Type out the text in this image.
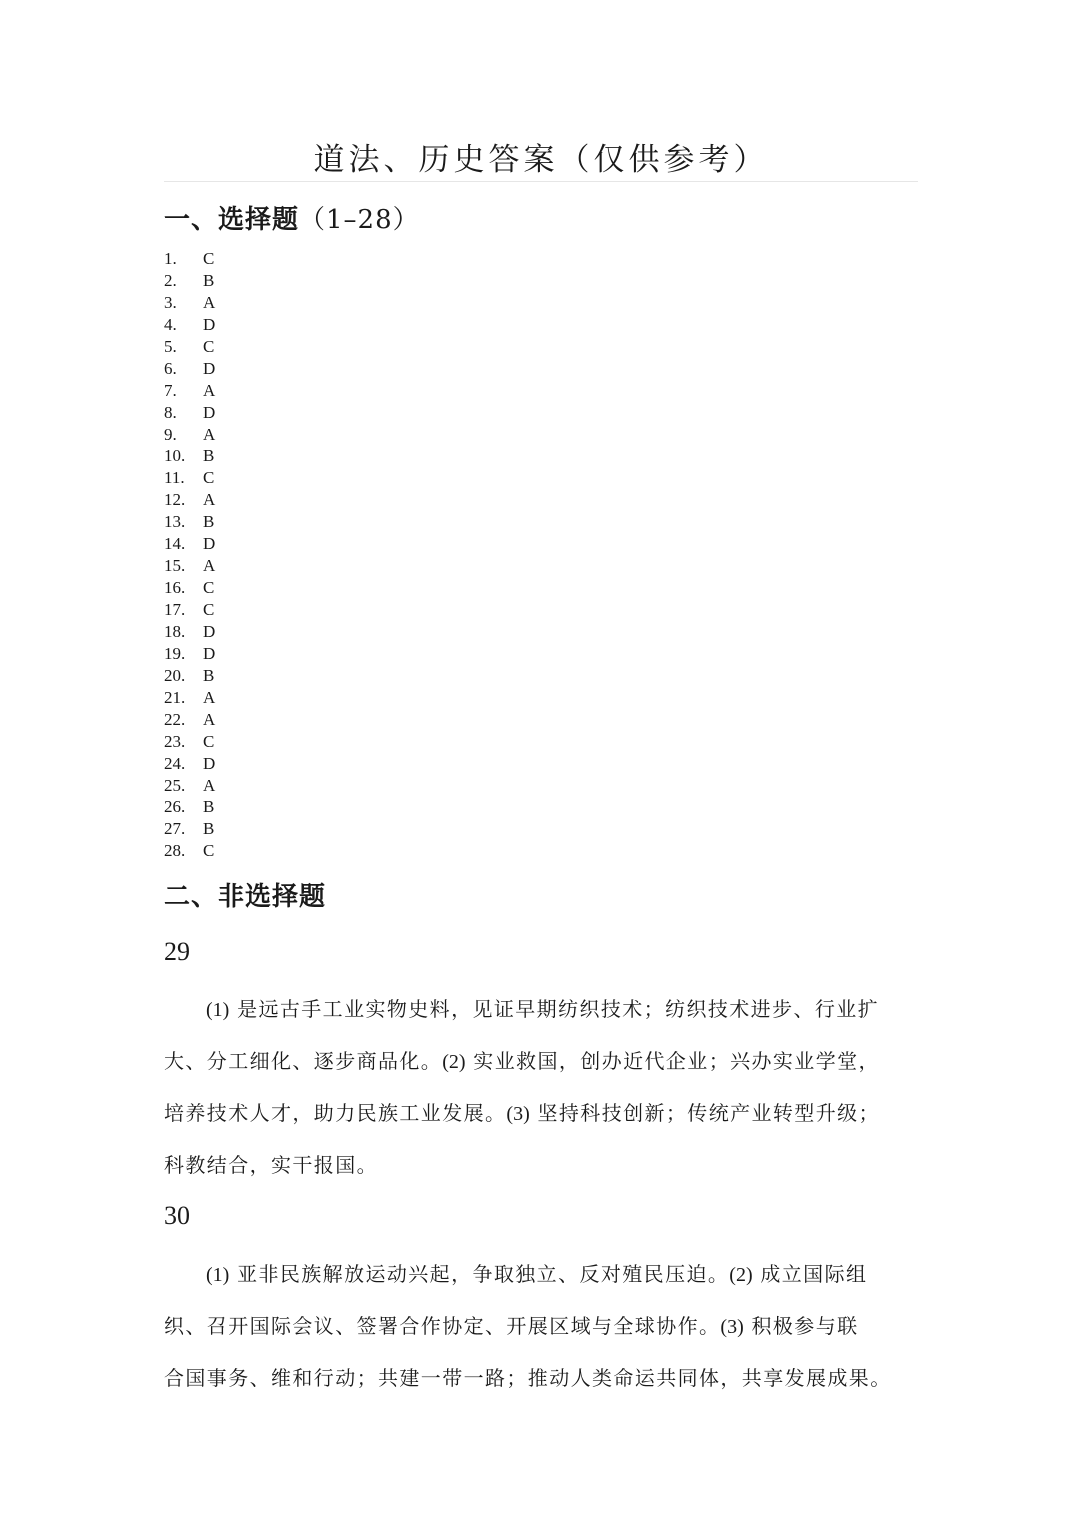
道法、历史答案（仅供参考）
一、选择题（1–28）
1. C
2. B
3. A
4. D
5. C
6. D
7. A
8. D
9. A
10. B
11. C
12. A
13. B
14. D
15. A
16. C
17. C
18. D
19. D
20. B
21. A
22. A
23. C
24. D
25. A
26. B
27. B
28. C
二、非选择题
29
(1) 是远古手工业实物史料，见证早期纺织技术；纺织技术进步、行业扩
大、分工细化、逐步商品化。(2) 实业救国，创办近代企业；兴办实业学堂，
培养技术人才，助力民族工业发展。(3) 坚持科技创新；传统产业转型升级；
科教结合，实干报国。
30
(1) 亚非民族解放运动兴起，争取独立、反对殖民压迫。(2) 成立国际组
织、召开国际会议、签署合作协定、开展区域与全球协作。(3) 积极参与联
合国事务、维和行动；共建一带一路；推动人类命运共同体，共享发展成果。
